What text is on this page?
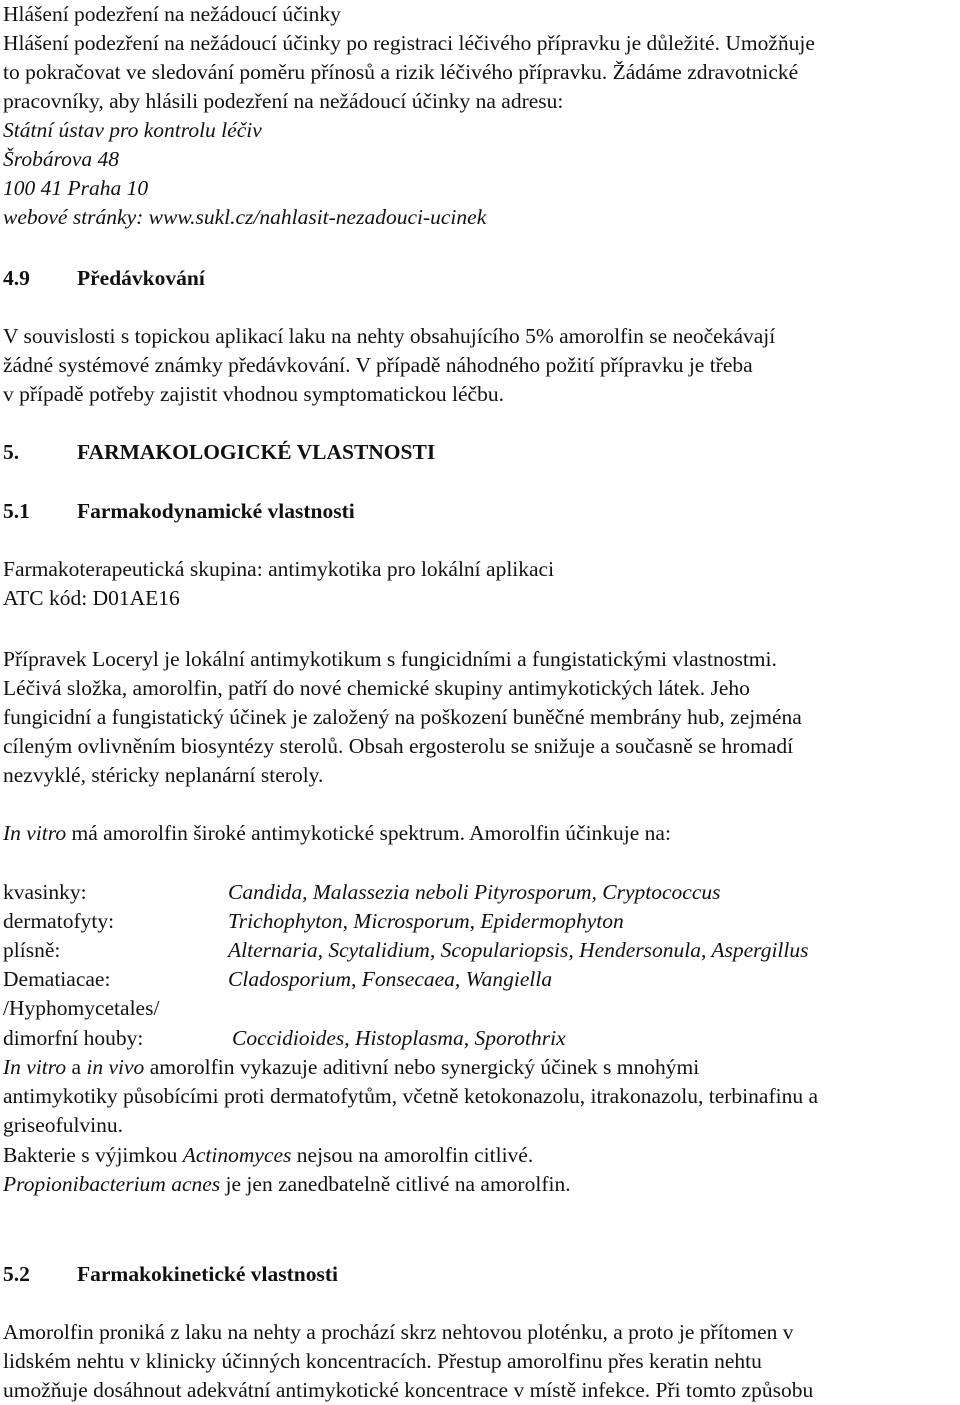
Hlášení podezření na nežádoucí účinky
Hlášení podezření na nežádoucí účinky po registraci léčivého přípravku je důležité. Umožňuje
to pokračovat ve sledování poměru přínosů a rizik léčivého přípravku. Žádáme zdravotnické
pracovníky, aby hlásili podezření na nežádoucí účinky na adresu:
Státní ústav pro kontrolu léčiv
Šrobárova 48
100 41 Praha 10
webové stránky: www.sukl.cz/nahlasit-nezadouci-ucinek
4.9 Předávkování
V souvislosti s topickou aplikací laku na nehty obsahujícího 5% amorolfin se neočekávají
žádné systémové známky předávkování. V případě náhodného požití přípravku je třeba
v případě potřeby zajistit vhodnou symptomatickou léčbu.
5.	FARMAKOLOGICKÉ VLASTNOSTI
5.1 Farmakodynamické vlastnosti
Farmakoterapeutická skupina: antimykotika pro lokální aplikaci
ATC kód: D01AE16
Přípravek Loceryl je lokální antimykotikum s fungicidními a fungistatickými vlastnostmi.
Léčivá složka, amorolfin, patří do nové chemické skupiny antimykotických látek. Jeho
fungicidní a fungistatický účinek je založený na poškození buněčné membrány hub, zejména
cíleným ovlivněním biosyntézy sterolů. Obsah ergosterolu se snižuje a současně se hromadí
nezvyklé, stéricky neplanární steroly.
In vitro má amorolfin široké antimykotické spektrum. Amorolfin účinkuje na:
kvasinky:	Candida, Malassezia neboli Pityrosporum, Cryptococcus
dermatofyty:	Trichophyton, Microsporum, Epidermophyton
plísně:	Alternaria, Scytalidium, Scopulariopsis, Hendersonula, Aspergillus
Dematiacae:	Cladosporium, Fonsecaea, Wangiella
/Hyphomycetales/
dimorfní houby:	Coccidioides, Histoplasma, Sporothrix
In vitro a in vivo amorolfin vykazuje aditivní nebo synergický účinek s mnohými
antimykotiky působícími proti dermatofytům, včetně ketokonazolu, itrakonazolu, terbinafinu a
griseofulvinu.
Bakterie s výjimkou Actinomyces nejsou na amorolfin citlivé.
Propionibacterium acnes je jen zanedbatelně citlivé na amorolfin.
5.2 Farmakokinetické vlastnosti
Amorolfin proniká z laku na nehty a prochází skrz nehtovou ploténku, a proto je přítomen v
lidském nehtu v klinicky účinných koncentracích. Přestup amorolfinu přes keratin nehtu
umožňuje dosáhnout adekvátní antimykotické koncentrace v místě infekce. Při tomto způsobu
